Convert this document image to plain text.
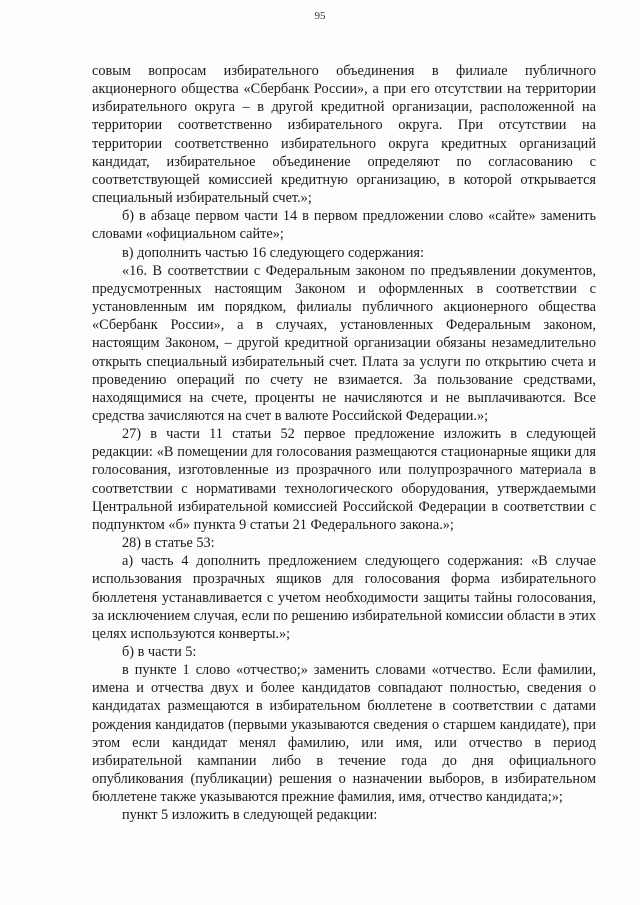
95

совым вопросам избирательного объединения в филиале публичного акционерного общества «Сбербанк России», а при его отсутствии на территории избирательного округа – в другой кредитной организации, расположенной на территории соответственно избирательного округа. При отсутствии на территории соответственно избирательного округа кредитных организаций кандидат, избирательное объединение определяют по согласованию с соответствующей комиссией кредитную организацию, в которой открывается специальный избирательный счет.»;

б) в абзаце первом части 14 в первом предложении слово «сайте» заменить словами «официальном сайте»;

в) дополнить частью 16 следующего содержания:

«16. В соответствии с Федеральным законом по предъявлении документов, предусмотренных настоящим Законом и оформленных в соответствии с установленным им порядком, филиалы публичного акционерного общества «Сбербанк России», а в случаях, установленных Федеральным законом, настоящим Законом, – другой кредитной организации обязаны незамедлительно открыть специальный избирательный счет. Плата за услуги по открытию счета и проведению операций по счету не взимается. За пользование средствами, находящимися на счете, проценты не начисляются и не выплачиваются. Все средства зачисляются на счет в валюте Российской Федерации.»;

27) в части 11 статьи 52 первое предложение изложить в следующей редакции: «В помещении для голосования размещаются стационарные ящики для голосования, изготовленные из прозрачного или полупрозрачного материала в соответствии с нормативами технологического оборудования, утверждаемыми Центральной избирательной комиссией Российской Федерации в соответствии с подпунктом «б» пункта 9 статьи 21 Федерального закона.»;

28) в статье 53:

а) часть 4 дополнить предложением следующего содержания: «В случае использования прозрачных ящиков для голосования форма избирательного бюллетеня устанавливается с учетом необходимости защиты тайны голосования, за исключением случая, если по решению избирательной комиссии области в этих целях используются конверты.»;

б) в части 5:

в пункте 1 слово «отчество;» заменить словами «отчество. Если фамилии, имена и отчества двух и более кандидатов совпадают полностью, сведения о кандидатах размещаются в избирательном бюллетене в соответствии с датами рождения кандидатов (первыми указываются сведения о старшем кандидате), при этом если кандидат менял фамилию, или имя, или отчество в период избирательной кампании либо в течение года до дня официального опубликования (публикации) решения о назначении выборов, в избирательном бюллетене также указываются прежние фамилия, имя, отчество кандидата;»;

пункт 5 изложить в следующей редакции:
